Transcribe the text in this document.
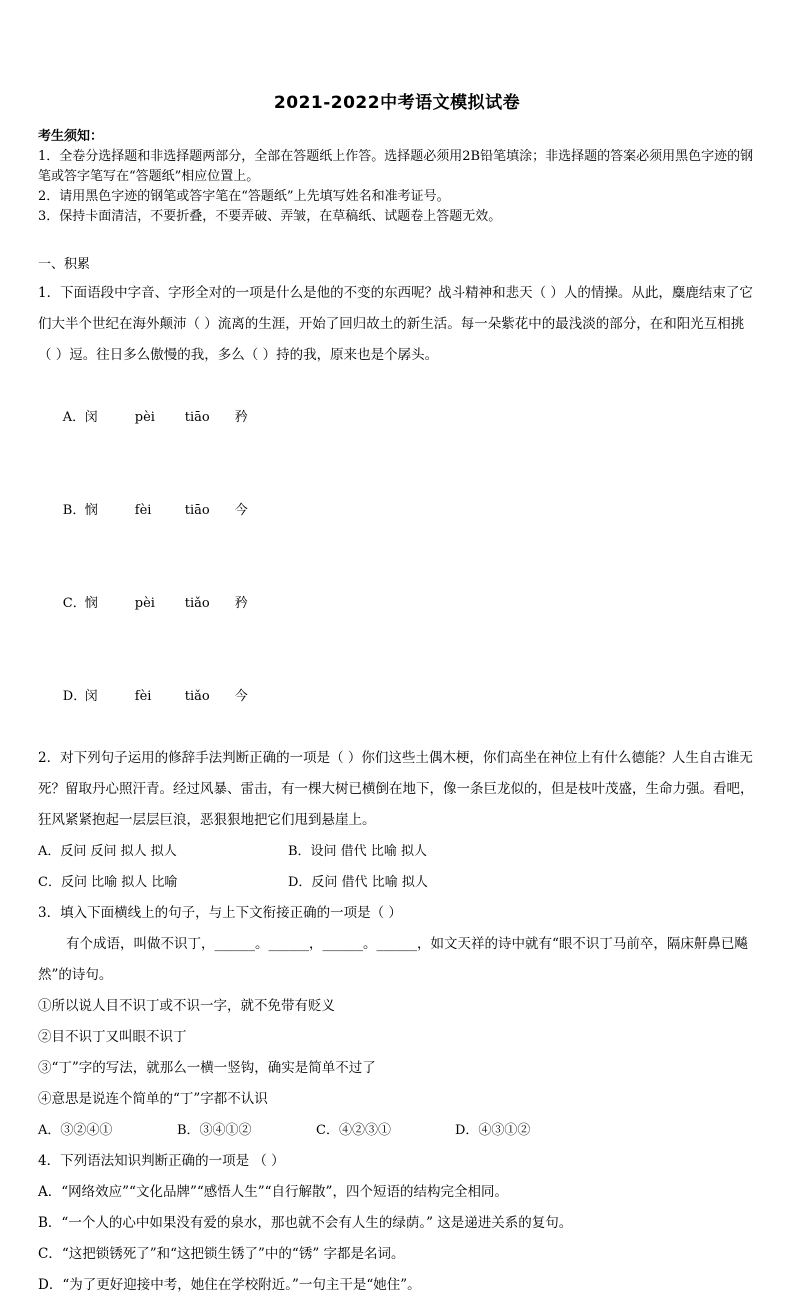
2021-2022中考语文模拟试卷

考生须知：

1．全卷分选择题和非选择题两部分，全部在答题纸上作答。选择题必须用2B铅笔填涂；非选择题的答案必须用黑色字迹的钢笔或答字笔写在“答题纸”相应位置上。

2．请用黑色字迹的钢笔或答字笔在“答题纸”上先填写姓名和准考证号。

3．保持卡面清洁，不要折叠，不要弄破、弄皱，在草稿纸、试题卷上答题无效。

一、积累

1．下面语段中字音、字形全对的一项是什么是他的不变的东西呢？战斗精神和悲天（ ）人的情操。从此，麋鹿结束了它们大半个世纪在海外颠沛（ ）流离的生涯，开始了回归故土的新生活。每一朵紫花中的最浅淡的部分，在和阳光互相挑（ ）逗。往日多么傲慢的我，多么（ ）持的我，原来也是个孱头。

A．闵	pèi tiāo 矜

B．悯	fèi	tiāo 今

C．悯	pèi tiǎo 矜

D．闵	fèi	tiǎo 今

2．对下列句子运用的修辞手法判断正确的一项是（ ）你们这些土偶木梗，你们高坐在神位上有什么德能？人生自古谁无死？留取丹心照汗青。经过风暴、雷击，有一棵大树已横倒在地下，像一条巨龙似的，但是枝叶茂盛，生命力强。看吧，狂风紧紧抱起一层层巨浪，恶狠狠地把它们甩到悬崖上。

A．反问 反问 拟人 拟人	B．设问 借代 比喻 拟人
C．反问 比喻 拟人 比喻	D．反问 借代 比喻 拟人

3．填入下面横线上的句子，与上下文衔接正确的一项是（ ）

有个成语，叫做不识丁，______。______，______。______，如文天祥的诗中就有“眼不识丁马前卒，隔床鼾鼻已飚然”的诗句。

①所以说人目不识丁或不识一字，就不免带有贬义

②目不识丁又叫眼不识丁

③“丁”字的写法，就那么一横一竖钩，确实是简单不过了

④意思是说连个简单的“丁”字都不认识

A．③②④①	B．③④①②	C．④②③①	D．④③①②

4．下列语法知识判断正确的一项是 （ ）

A．“网络效应”“文化品牌”“感悟人生”“自行解散”，四个短语的结构完全相同。

B．“一个人的心中如果没有爱的泉水，那也就不会有人生的绿荫。” 这是递进关系的复句。

C．“这把锁锈死了”和“这把锁生锈了”中的“锈” 字都是名词。

D．“为了更好迎接中考，她住在学校附近。”一句主干是“她住”。
